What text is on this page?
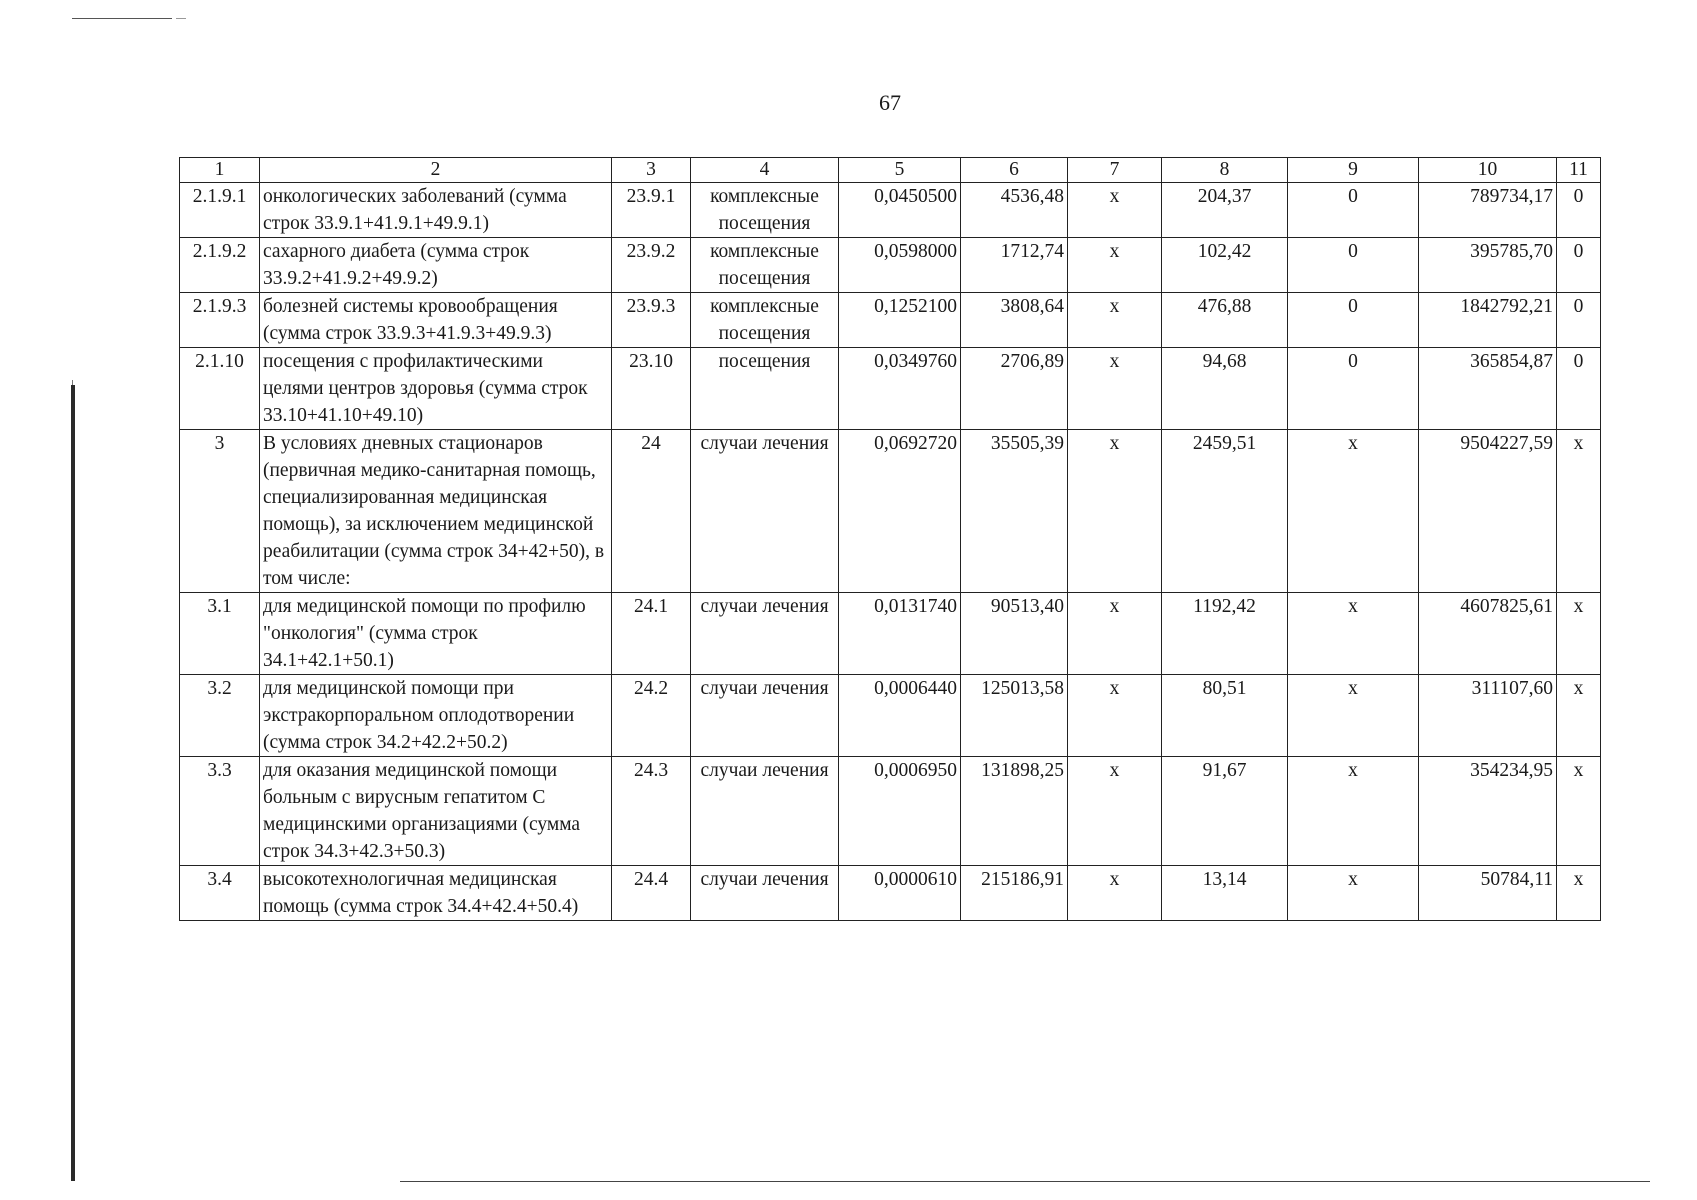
67
1	2	3	4	5	6	7	8	9	10	11
2.1.9.1	онкологических заболеваний (сумма строк 33.9.1+41.9.1+49.9.1)	23.9.1	комплексные посещения	0,0450500	4536,48	х	204,37	0	789734,17	0
2.1.9.2	сахарного диабета (сумма строк 33.9.2+41.9.2+49.9.2)	23.9.2	комплексные посещения	0,0598000	1712,74	х	102,42	0	395785,70	0
2.1.9.3	болезней системы кровообращения (сумма строк 33.9.3+41.9.3+49.9.3)	23.9.3	комплексные посещения	0,1252100	3808,64	х	476,88	0	1842792,21	0
2.1.10	посещения с профилактическими целями центров здоровья (сумма строк 33.10+41.10+49.10)	23.10	посещения	0,0349760	2706,89	х	94,68	0	365854,87	0
3	В условиях дневных стационаров (первичная медико-санитарная помощь, специализированная медицинская помощь), за исключением медицинской реабилитации (сумма строк 34+42+50), в том числе:	24	случаи лечения	0,0692720	35505,39	х	2459,51	х	9504227,59	х
3.1	для медицинской помощи по профилю "онкология" (сумма строк 34.1+42.1+50.1)	24.1	случаи лечения	0,0131740	90513,40	х	1192,42	х	4607825,61	х
3.2	для медицинской помощи при экстракорпоральном оплодотворении (сумма строк 34.2+42.2+50.2)	24.2	случаи лечения	0,0006440	125013,58	х	80,51	х	311107,60	х
3.3	для оказания медицинской помощи больным с вирусным гепатитом С медицинскими организациями (сумма строк 34.3+42.3+50.3)	24.3	случаи лечения	0,0006950	131898,25	х	91,67	х	354234,95	х
3.4	высокотехнологичная медицинская помощь (сумма строк 34.4+42.4+50.4)	24.4	случаи лечения	0,0000610	215186,91	х	13,14	х	50784,11	х
